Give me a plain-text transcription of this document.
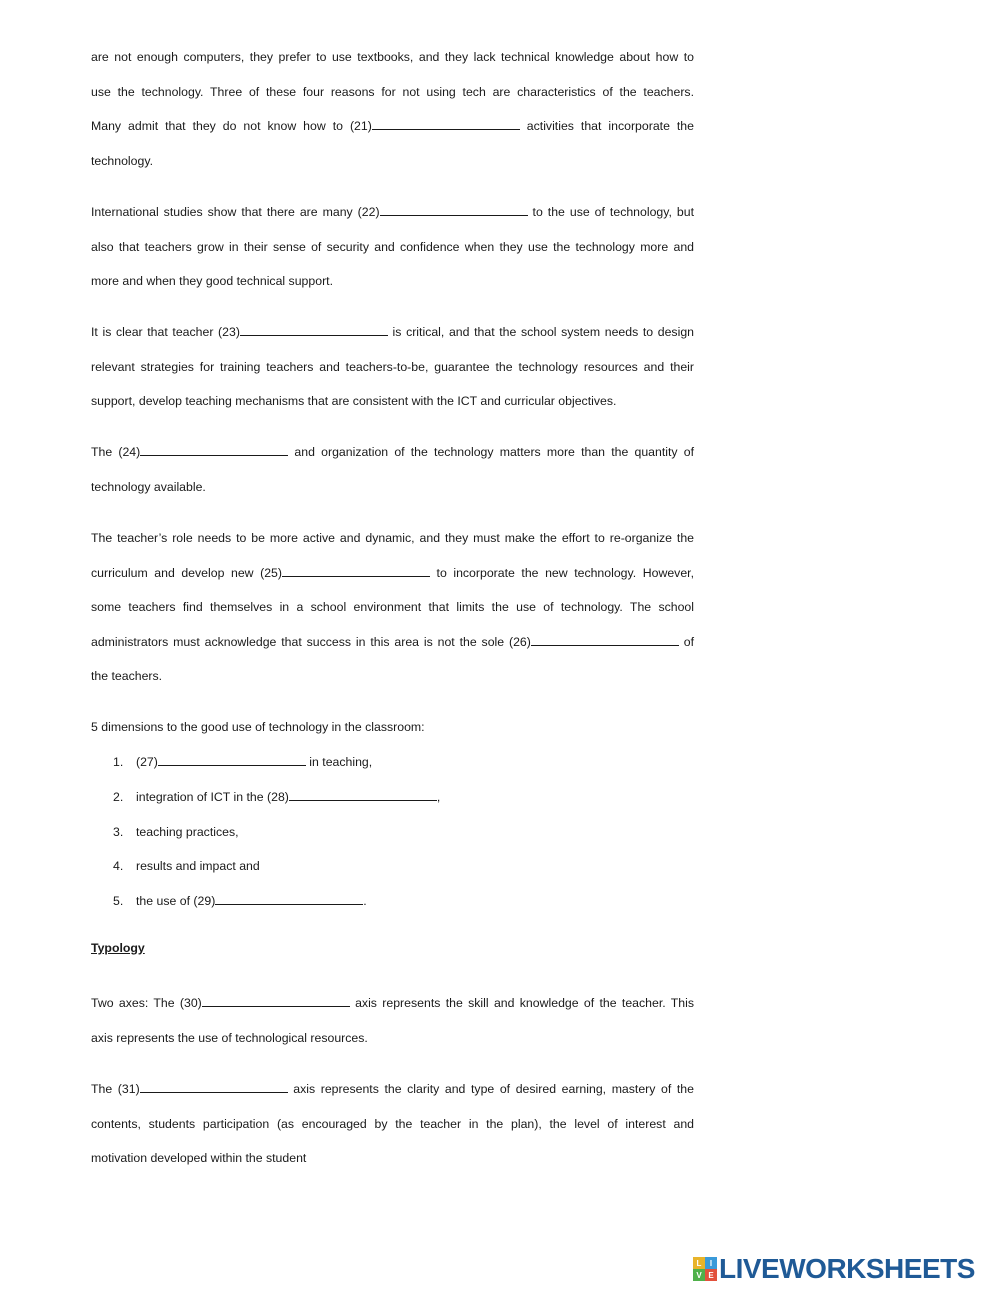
are not enough computers, they prefer to use textbooks, and they lack technical knowledge about how to
use the technology. Three of these four reasons for not using tech are characteristics of the teachers.
Many admit that they do not know how to (21)	activities that incorporate the
technology.
International studies show that there are many (22)	to the use of technology, but
also that teachers grow in their sense of security and confidence when they use the technology more and
more and when they good technical support.
It is clear that teacher (23)	is critical, and that the school system needs to design
relevant strategies for training teachers and teachers-to-be, guarantee the technology resources and their
support, develop teaching mechanisms that are consistent with the ICT and curricular objectives.
The (24)	and organization of the technology matters more than the quantity of
technology available.
The teacher’s role needs to be more active and dynamic, and they must make the effort to re-organize the
curriculum and develop new (25)	to incorporate the new technology. However,
some teachers find themselves in a school environment that limits the use of technology. The school
administrators must acknowledge that success in this area is not the sole (26)	of
the teachers.
5 dimensions to the good use of technology in the classroom:
1. (27)	in teaching,
2. integration of ICT in the (28)	,
3. teaching practices,
4. results and impact and
5. the use of (29)	.
Typology
Two axes: The (30)	axis represents the skill and knowledge of the teacher. This
axis represents the use of technological resources.
The (31)	axis represents the clarity and type of desired earning, mastery of the
contents, students participation (as encouraged by the teacher in the plan), the level of interest and
motivation developed within the student
L	I
V E LIVEWORKSHEETS
